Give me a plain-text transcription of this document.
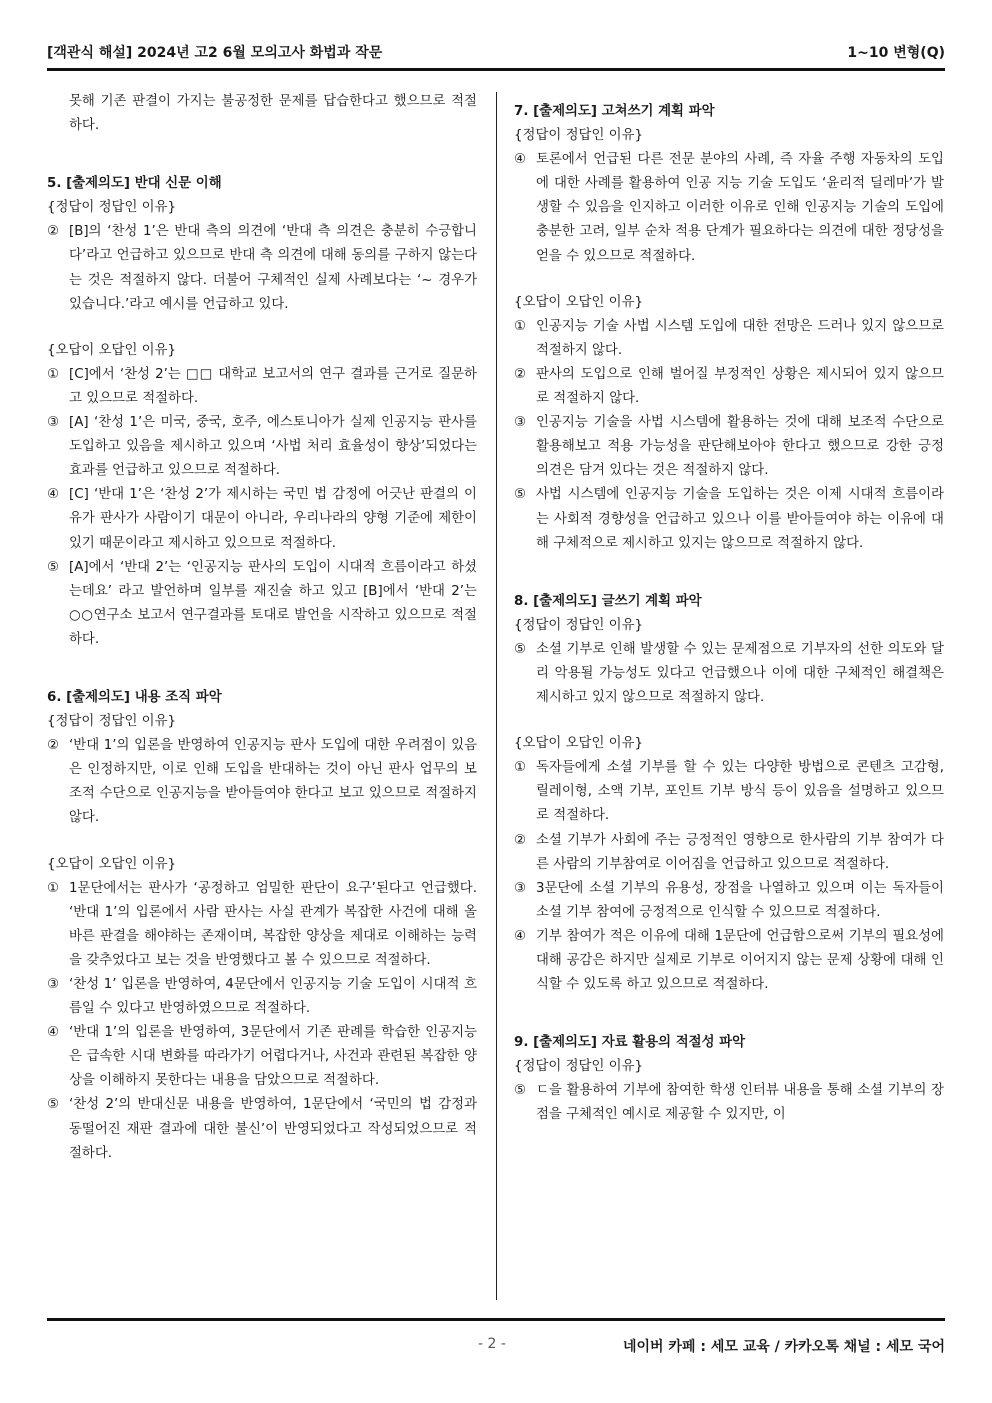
[객관식 해설] 2024년 고2 6월 모의고사 화법과 작문	1~10 변형(Q)

못해 기존 판결이 가지는 불공정한 문제를 답습한다고 했으므로 적절하다.

5. [출제의도] 반대 신문 이해
{정답이 정답인 이유}
② [B]의 ‘찬성 1’은 반대 측의 의견에 ‘반대 측 의견은 충분히 수긍합니다’라고 언급하고 있으므로 반대 측 의견에 대해 동의를 구하지 않는다는 것은 적절하지 않다. 더불어 구체적인 실제 사례보다는 ‘~ 경우가 있습니다.’라고 예시를 언급하고 있다.
{오답이 오답인 이유}
① [C]에서 ‘찬성 2’는 □□ 대학교 보고서의 연구 결과를 근거로 질문하고 있으므로 적절하다.
③ [A] ‘찬성 1’은 미국, 중국, 호주, 에스토니아가 실제 인공지능 판사를 도입하고 있음을 제시하고 있으며 ‘사법 처리 효율성이 향상’되었다는 효과를 언급하고 있으므로 적절하다.
④ [C] ‘반대 1’은 ‘찬성 2’가 제시하는 국민 법 감정에 어긋난 판결의 이유가 판사가 사람이기 대문이 아니라, 우리나라의 양형 기준에 제한이 있기 때문이라고 제시하고 있으므로 적절하다.
⑤ [A]에서 ‘반대 2’는 ‘인공지능 판사의 도입이 시대적 흐름이라고 하셨는데요’ 라고 발언하며 일부를 재진술 하고 있고 [B]에서 ‘반대 2’는 ○○연구소 보고서 연구결과를 토대로 발언을 시작하고 있으므로 적절하다.
6. [출제의도] 내용 조직 파악
{정답이 정답인 이유}
② ‘반대 1’의 입론을 반영하여 인공지능 판사 도입에 대한 우려점이 있음은 인정하지만, 이로 인해 도입을 반대하는 것이 아닌 판사 업무의 보조적 수단으로 인공지능을 받아들여야 한다고 보고 있으므로 적절하지 않다.
{오답이 오답인 이유}
① 1문단에서는 판사가 ‘공정하고 엄밀한 판단이 요구’된다고 언급했다. ‘반대 1’의 입론에서 사람 판사는 사실 관계가 복잡한 사건에 대해 올바른 판결을 해야하는 존재이며, 복잡한 양상을 제대로 이해하는 능력을 갖추었다고 보는 것을 반영했다고 볼 수 있으므로 적절하다.
③ ‘찬성 1’ 입론을 반영하여, 4문단에서 인공지능 기술 도입이 시대적 흐름일 수 있다고 반영하였으므로 적절하다.
④ ‘반대 1’의 입론을 반영하여, 3문단에서 기존 판례를 학습한 인공지능은 급속한 시대 변화를 따라가기 어렵다거나, 사건과 관련된 복잡한 양상을 이해하지 못한다는 내용을 담았으므로 적절하다.
⑤ ‘찬성 2’의 반대신문 내용을 반영하여, 1문단에서 ‘국민의 법 감정과 동떨어진 재판 결과에 대한 불신’이 반영되었다고 작성되었으므로 적절하다.
7. [출제의도] 고쳐쓰기 계획 파악
{정답이 정답인 이유}
④ 토론에서 언급된 다른 전문 분야의 사례, 즉 자율 주행 자동차의 도입에 대한 사례를 활용하여 인공 지능 기술 도입도 ‘윤리적 딜레마’가 발생할 수 있음을 인지하고 이러한 이유로 인해 인공지능 기술의 도입에 충분한 고려, 일부 순차 적용 단계가 필요하다는 의견에 대한 정당성을 얻을 수 있으므로 적절하다.
{오답이 오답인 이유}
① 인공지능 기술 사법 시스템 도입에 대한 전망은 드러나 있지 않으므로 적절하지 않다.
② 판사의 도입으로 인해 벌어질 부정적인 상황은 제시되어 있지 않으므로 적절하지 않다.
③ 인공지능 기술을 사법 시스템에 활용하는 것에 대해 보조적 수단으로 활용해보고 적용 가능성을 판단해보아야 한다고 했으므로 강한 긍정 의견은 담겨 있다는 것은 적절하지 않다.
⑤ 사법 시스템에 인공지능 기술을 도입하는 것은 이제 시대적 흐름이라는 사회적 경향성을 언급하고 있으나 이를 받아들여야 하는 이유에 대해 구체적으로 제시하고 있지는 않으므로 적절하지 않다.
8. [출제의도] 글쓰기 계획 파악
{정답이 정답인 이유}
⑤ 소셜 기부로 인해 발생할 수 있는 문제점으로 기부자의 선한 의도와 달리 악용될 가능성도 있다고 언급했으나 이에 대한 구체적인 해결책은 제시하고 있지 않으므로 적절하지 않다.
{오답이 오답인 이유}
① 독자들에게 소셜 기부를 할 수 있는 다양한 방법으로 콘텐츠 고감형, 릴레이형, 소액 기부, 포인트 기부 방식 등이 있음을 설명하고 있으므로 적절하다.
② 소셜 기부가 사회에 주는 긍정적인 영향으로 한사람의 기부 참여가 다른 사람의 기부참여로 이어짐을 언급하고 있으므로 적절하다.
③ 3문단에 소셜 기부의 유용성, 장점을 나열하고 있으며 이는 독자들이 소셜 기부 참여에 긍정적으로 인식할 수 있으므로 적절하다.
④ 기부 참여가 적은 이유에 대해 1문단에 언급함으로써 기부의 필요성에 대해 공감은 하지만 실제로 기부로 이어지지 않는 문제 상황에 대해 인식할 수 있도록 하고 있으므로 적절하다.
9. [출제의도] 자료 활용의 적절성 파악
{정답이 정답인 이유}
⑤ ㄷ을 활용하여 기부에 참여한 학생 인터뷰 내용을 통해 소셜 기부의 장점을 구체적인 예시로 제공할 수 있지만, 이
- 2 -	네이버 카페 : 세모 교육 / 카카오톡 채널 : 세모 국어
